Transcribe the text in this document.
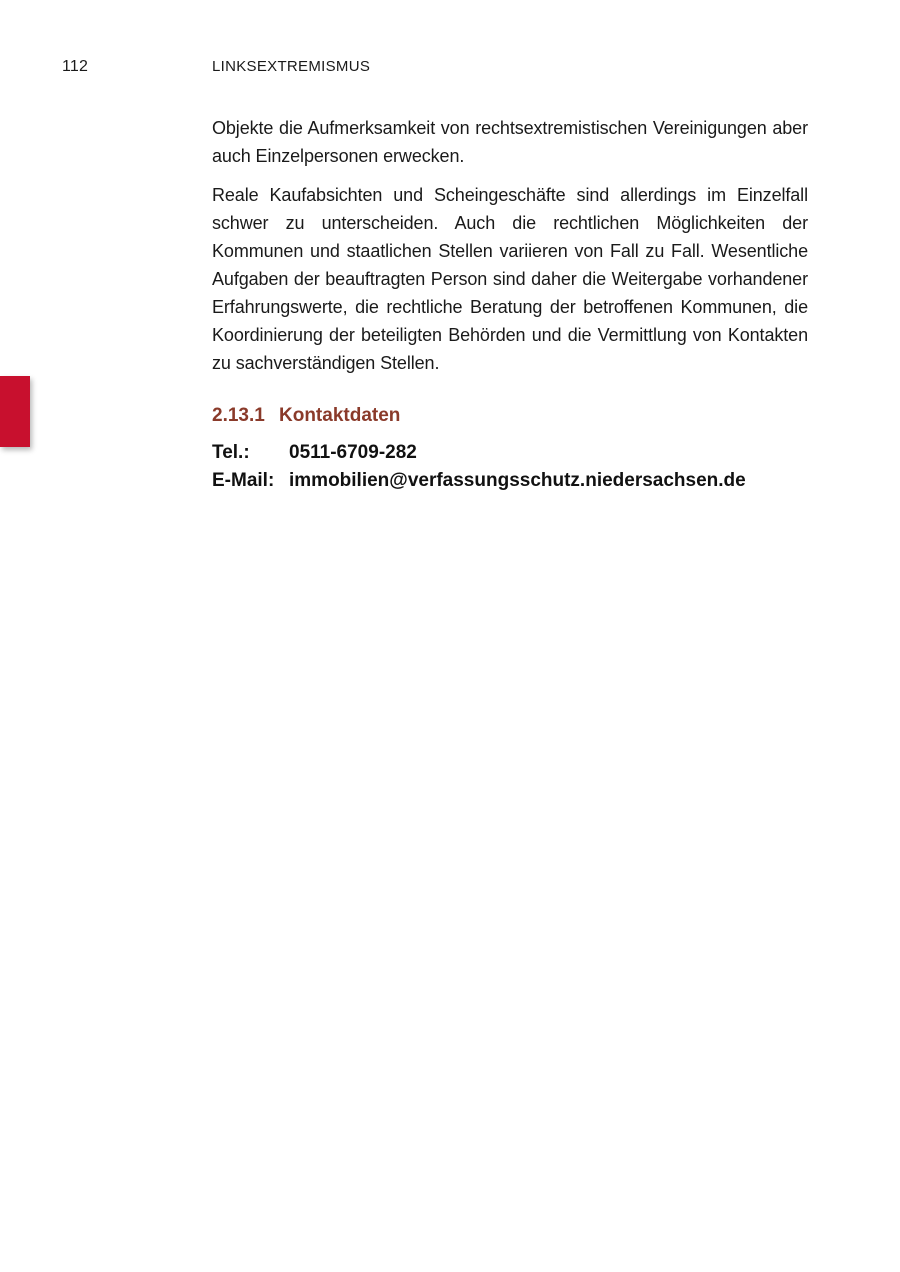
112	LINKSEXTREMISMUS

Objekte die Aufmerksamkeit von rechtsextremistischen Vereinigungen aber auch Einzelpersonen erwecken.

Reale Kaufabsichten und Scheingeschäfte sind allerdings im Einzelfall schwer zu unterscheiden. Auch die rechtlichen Möglichkeiten der Kommunen und staatlichen Stellen variieren von Fall zu Fall. Wesentliche Aufgaben der beauftragten Person sind daher die Weitergabe vorhandener Erfahrungswerte, die rechtliche Beratung der betroffenen Kommunen, die Koordinierung der beteiligten Behörden und die Vermittlung von Kontakten zu sachverständigen Stellen.

2.13.1 Kontaktdaten
Tel.:	0511-6709-282
E-Mail: immobilien@verfassungsschutz.niedersachsen.de
